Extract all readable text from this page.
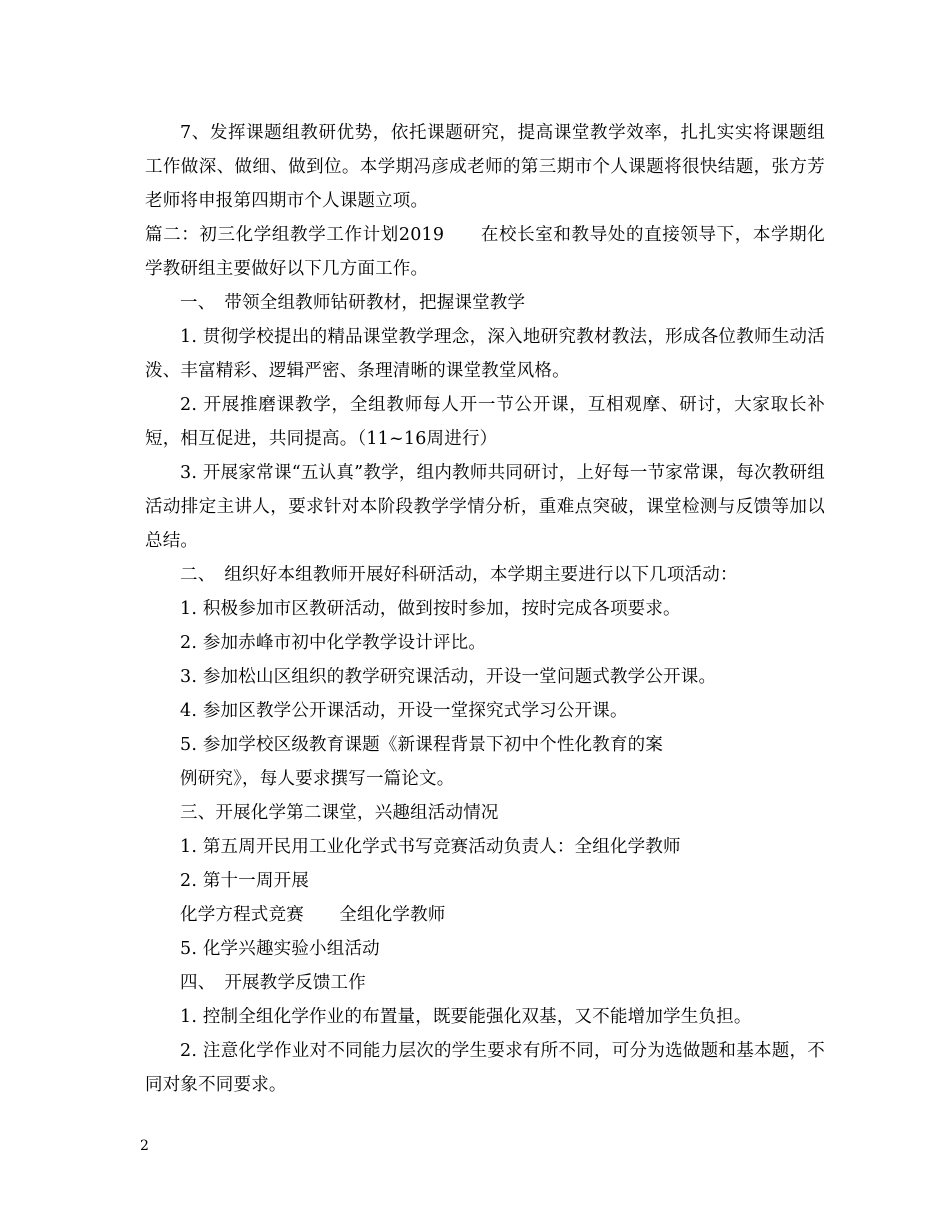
7、发挥课题组教研优势，依托课题研究，提高课堂教学效率，扎扎实实将课题组工作做深、做细、做到位。本学期冯彦成老师的第三期市个人课题将很快结题，张方芳老师将申报第四期市个人课题立项。

篇二：初三化学组教学工作计划2019　　在校长室和教导处的直接领导下，本学期化学教研组主要做好以下几方面工作。

一、　带领全组教师钻研教材，把握课堂教学

1. 贯彻学校提出的精品课堂教学理念，深入地研究教材教法，形成各位教师生动活泼、丰富精彩、逻辑严密、条理清晰的课堂教堂风格。

2. 开展推磨课教学，全组教师每人开一节公开课，互相观摩、研讨，大家取长补短，相互促进，共同提高。（11~16周进行）

3. 开展家常课“五认真”教学，组内教师共同研讨，上好每一节家常课，每次教研组活动排定主讲人，要求针对本阶段教学学情分析，重难点突破，课堂检测与反馈等加以总结。

二、　组织好本组教师开展好科研活动，本学期主要进行以下几项活动：

1. 积极参加市区教研活动，做到按时参加，按时完成各项要求。

2. 参加赤峰市初中化学教学设计评比。

3. 参加松山区组织的教学研究课活动，开设一堂问题式教学公开课。

4. 参加区教学公开课活动，开设一堂探究式学习公开课。

5. 参加学校区级教育课题《新课程背景下初中个性化教育的案

例研究》，每人要求撰写一篇论文。

三、开展化学第二课堂，兴趣组活动情况

1. 第五周开民用工业化学式书写竞赛活动负责人：全组化学教师

2. 第十一周开展

化学方程式竞赛　　全组化学教师

5. 化学兴趣实验小组活动

四、　开展教学反馈工作

1. 控制全组化学作业的布置量，既要能强化双基，又不能增加学生负担。

2. 注意化学作业对不同能力层次的学生要求有所不同，可分为选做题和基本题，不同对象不同要求。

2
